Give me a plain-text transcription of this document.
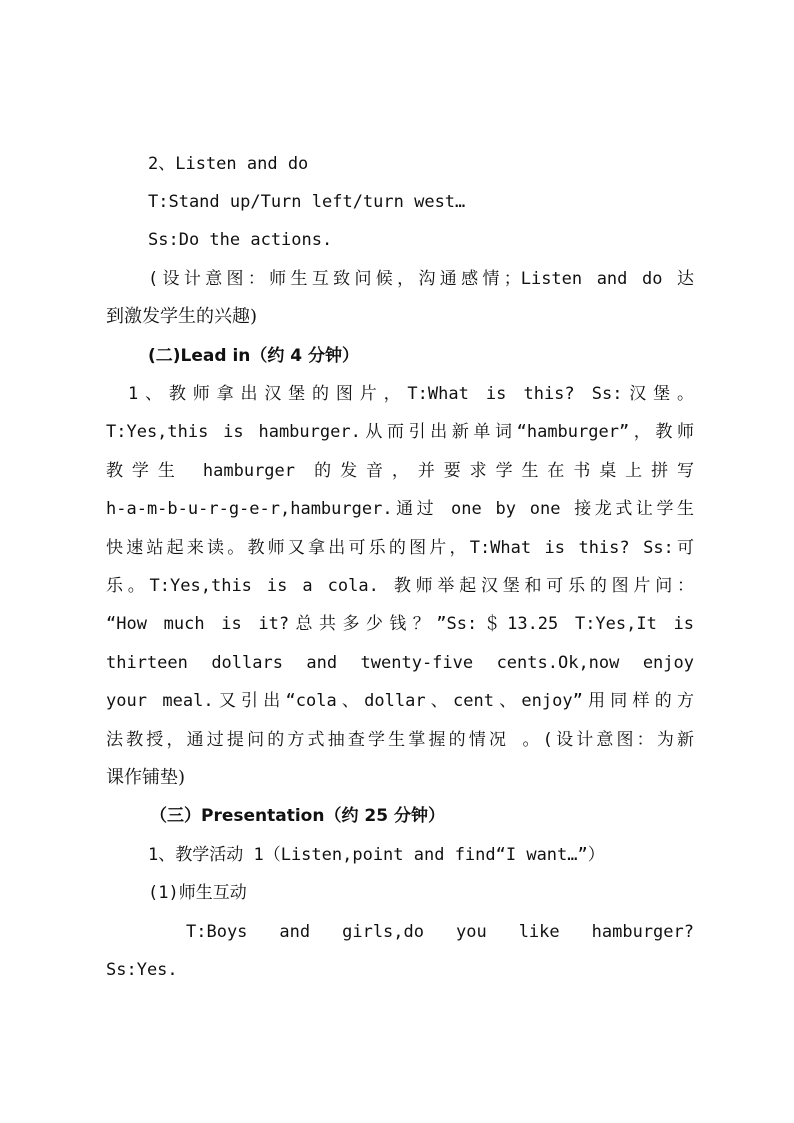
2、Listen and do
T:Stand up/Turn left/turn west…
Ss:Do the actions.
(设计意图：师生互致问候，沟通感情；Listen and do 达
到激发学生的兴趣)
(二)Lead in（约 4 分钟）
1、教师拿出汉堡的图片，T:What is this? Ss:汉堡。
T:Yes,this is hamburger.从而引出新单词“hamburger”，教师
教学生 hamburger 的发音，并要求学生在书桌上拼写
h-a-m-b-u-r-g-e-r,hamburger.通过 one by one 接龙式让学生
快速站起来读。教师又拿出可乐的图片，T:What is this? Ss:可
乐。T:Yes,this is a cola. 教师举起汉堡和可乐的图片问：
“How much is it?总共多少钱？”Ss:＄13.25 T:Yes,It is
thirteen dollars and twenty-five cents.Ok,now enjoy
your meal.又引出“cola、dollar、cent、enjoy”用同样的方
法教授，通过提问的方式抽查学生掌握的情况 。(设计意图：为新
课作铺垫)
（三）Presentation（约 25 分钟）
1、教学活动 1（Listen,point and find“I want…”）
(1)师生互动
T:Boys and girls,do you like hamburger?
Ss:Yes.
